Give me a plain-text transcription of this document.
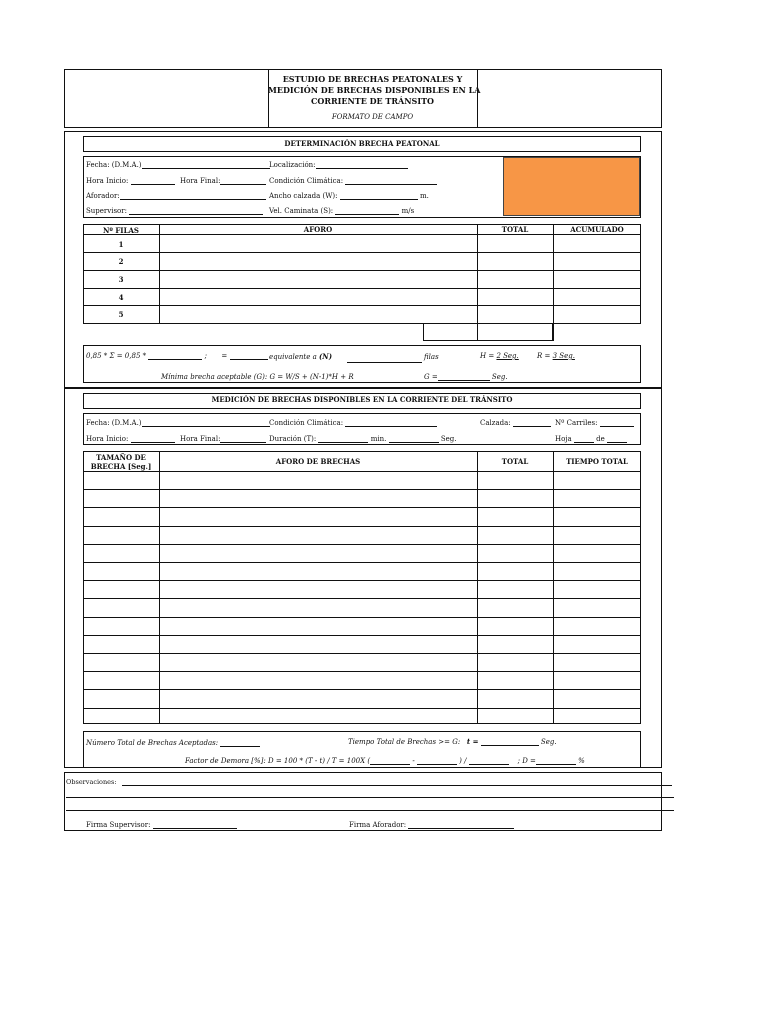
ESTUDIO DE BRECHAS PEATONALES Y
MEDICIÓN DE BRECHAS DISPONIBLES EN LA
CORRIENTE DE TRÁNSITO
FORMATO DE CAMPO
DETERMINACIÓN BRECHA PEATONAL
Fecha: (D.M.A.)	Localización:
Hora Inicio:	Hora Final:	Condición Climática:
Aforador:	Ancho calzada (W):	m.
Supervisor:	Vel. Caminata (S):	m/s
Nº FILAS	AFORO	TOTAL	ACUMULADO
1
2
3
4
5
0,85 * Σ = 0,85 *	; =	equivalente a (N)	filas	H = 2 Seg.	R = 3 Seg.
Mínima brecha aceptable (G): G = W/S + (N-1)*H + R	G =	Seg.
MEDICIÓN DE BRECHAS DISPONIBLES EN LA CORRIENTE DEL TRÁNSITO
Fecha: (D.M.A.)	Condición Climática:	Calzada:	Nº Carriles:
Hora Inicio:	Hora Final:	Duración (T):	min.	Seg.	Hoja	de
TAMAÑO DE
BRECHA [Seg.]
AFORO DE BRECHAS	TOTAL	TIEMPO TOTAL
Número Total de Brechas Aceptadas:	Tiempo Total de Brechas >= G: t =	Seg.
Factor de Demora [%]: D = 100 * (T - t) / T = 100X (	-	) /	; D =	%
Observaciones:
Firma Supervisor:	Firma Aforador:
